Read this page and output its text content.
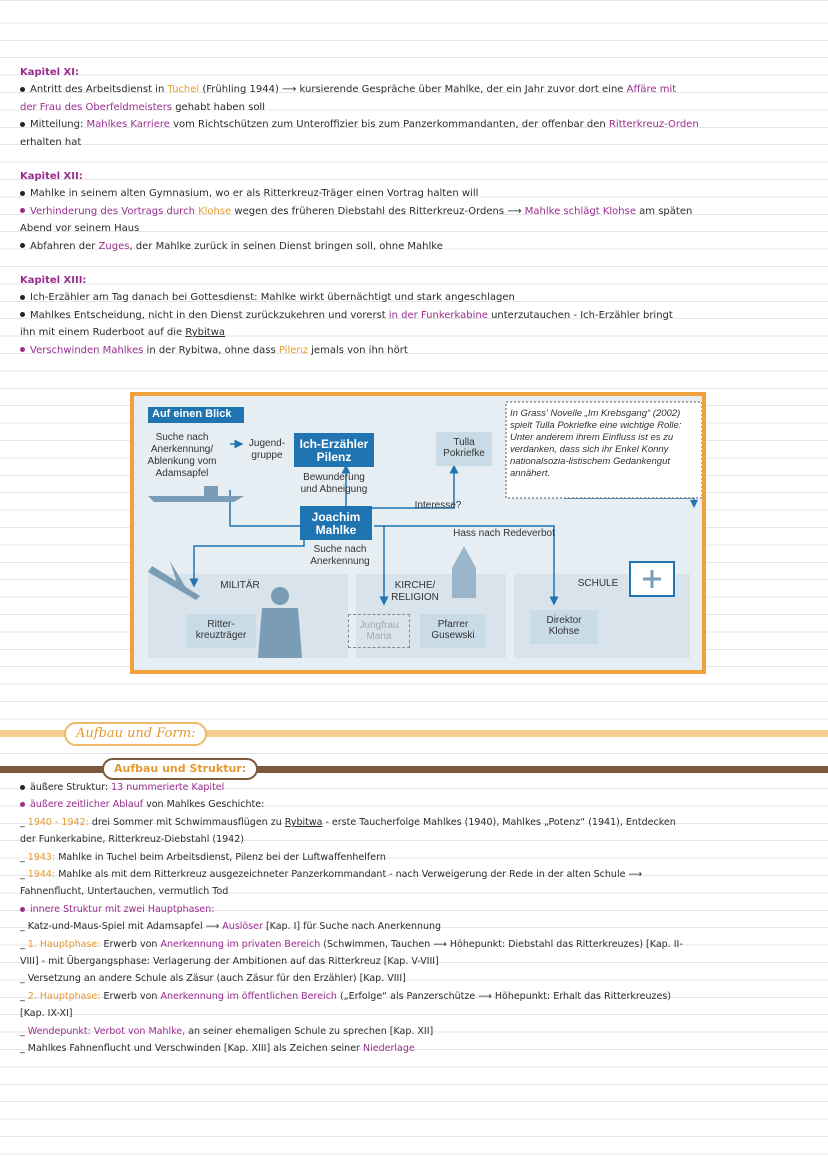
Kapitel XI:

Antritt des Arbeitsdienst in Tuchel (Frühling 1944) ⟶ kursierende Gespräche über Mahlke, der ein Jahr zuvor dort eine Affäre mit

der Frau des Oberfeldmeisters gehabt haben soll

Mitteilung: Mahlkes Karriere vom Richtschützen zum Unteroffizier bis zum Panzerkommandanten, der offenbar den Ritterkreuz-Orden

erhalten hat

Kapitel XII:

Mahlke in seinem alten Gymnasium, wo er als Ritterkreuz-Träger einen Vortrag halten will

Verhinderung des Vortrags durch Klohse wegen des früheren Diebstahl des Ritterkreuz-Ordens ⟶ Mahlke schlägt Klohse am späten

Abend vor seinem Haus

Abfahren der Zuges, der Mahlke zurück in seinen Dienst bringen soll, ohne Mahlke

Kapitel XIII:

Ich-Erzähler am Tag danach bei Gottesdienst: Mahlke wirkt übernächtigt und stark angeschlagen

Mahlkes Entscheidung, nicht in den Dienst zurückzukehren und vorerst in der Funkerkabine unterzutauchen - Ich-Erzähler bringt

ihn mit einem Ruderboot auf die Rybitwa

Verschwinden Mahlkes in der Rybitwa, ohne dass Pilenz jemals von ihn hört

Auf einen Blick	In Grass' Novelle „Im Krebsgang“ (2002) spielt Tulla Pokriefke eine wichtige Rolle: Unter anderem ihrem Einfluss ist es zu verdanken, dass sich ihr Enkel Konny nationalsozia-listischem Gedankengut annähert.
Suche nach Anerkennung/ Ablenkung vom Adamsapfel
Jugend-gruppe
Ich-Erzähler Pilenz
Tulla Pokriefke
Bewunderung und Abneigung
Interesse?
Joachim Mahlke	Hass nach Redeverbot
Suche nach Anerkennung
MILITÄR	KIRCHE/ RELIGION
SCHULE
Ritter-kreuzträger
Jungfrau Maria
Pfarrer Gusewski
Direktor Klohse
Aufbau und Form:
Aufbau und Struktur:

äußere Struktur: 13 nummerierte Kapitel

äußere zeitlicher Ablauf von Mahlkes Geschichte:

_ 1940 - 1942: drei Sommer mit Schwimmausflügen zu Rybitwa - erste Taucherfolge Mahlkes (1940), Mahlkes „Potenz“ (1941), Entdecken

der Funkerkabine, Ritterkreuz-Diebstahl (1942)

_ 1943: Mahlke in Tuchel beim Arbeitsdienst, Pilenz bei der Luftwaffenhelfern

_ 1944: Mahlke als mit dem Ritterkreuz ausgezeichneter Panzerkommandant - nach Verweigerung der Rede in der alten Schule ⟶

Fahnenflucht, Untertauchen, vermutlich Tod

innere Struktur mit zwei Hauptphasen:

_ Katz-und-Maus-Spiel mit Adamsapfel ⟶ Auslöser [Kap. I] für Suche nach Anerkennung

_ 1. Hauptphase: Erwerb von Anerkennung im privaten Bereich (Schwimmen, Tauchen ⟶ Höhepunkt: Diebstahl das Ritterkreuzes) [Kap. II-

VIII] - mit Übergangsphase: Verlagerung der Ambitionen auf das Ritterkreuz [Kap. V-VIII]

_ Versetzung an andere Schule als Zäsur (auch Zäsur für den Erzähler) [Kap. VIII]

_ 2. Hauptphase: Erwerb von Anerkennung im öffentlichen Bereich („Erfolge“ als Panzerschütze ⟶ Höhepunkt: Erhalt das Ritterkreuzes)

[Kap. IX-XI]

_ Wendepunkt: Verbot von Mahlke, an seiner ehemaligen Schule zu sprechen [Kap. XII]

_ Mahlkes Fahnenflucht und Verschwinden [Kap. XIII] als Zeichen seiner Niederlage
